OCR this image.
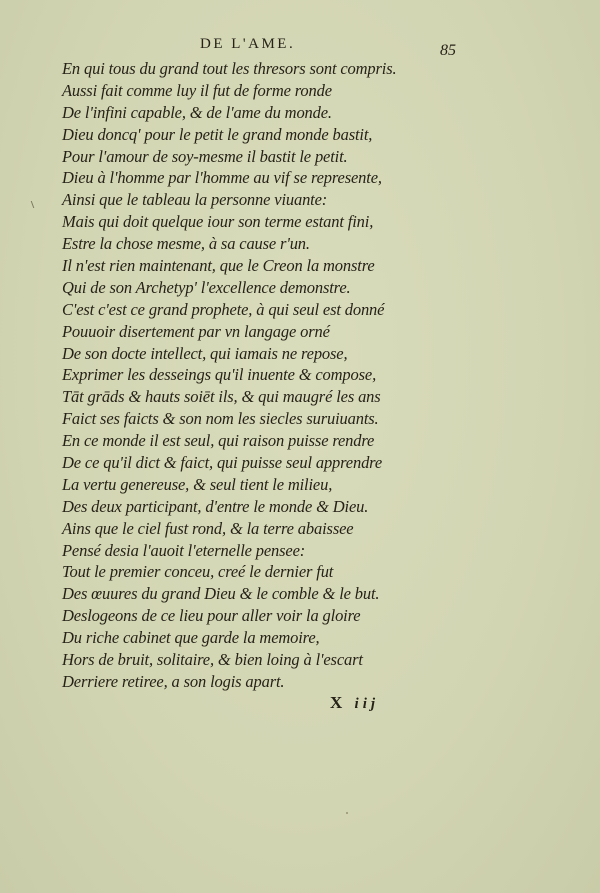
DE L'AME.	85
En qui tous du grand tout les thresors sont compris.
Aussi fait comme luy il fut de forme ronde
De l'infini capable, & de l'ame du monde.
Dieu doncq' pour le petit le grand monde bastit,
Pour l'amour de soy-mesme il bastit le petit.
Dieu à l'homme par l'homme au vif se represente,
Ainsi que le tableau la personne viuante:
Mais qui doit quelque iour son terme estant fini,
Estre la chose mesme, à sa cause r'un.
Il n'est rien maintenant, que le Creon la monstre
Qui de son Archetyp' l'excellence demonstre.
C'est c'est ce grand prophete, à qui seul est donné
Pouuoir disertement par vn langage orné
De son docte intellect, qui iamais ne repose,
Exprimer les desseings qu'il inuente & compose,
Tāt grāds & hauts soiēt ils, & qui maugré les ans
Faict ses faicts & son nom les siecles suruiuants.
En ce monde il est seul, qui raison puisse rendre
De ce qu'il dict & faict, qui puisse seul apprendre
La vertu genereuse, & seul tient le milieu,
Des deux participant, d'entre le monde & Dieu.
Ains que le ciel fust rond, & la terre abaissee
Pensé desia l'auoit l'eternelle pensee:
Tout le premier conceu, creé le dernier fut
Des œuures du grand Dieu & le comble & le but.
Deslogeons de ce lieu pour aller voir la gloire
Du riche cabinet que garde la memoire,
Hors de bruit, solitaire, & bien loing à l'escart
Derriere retiree, a son logis apart.
X iij
